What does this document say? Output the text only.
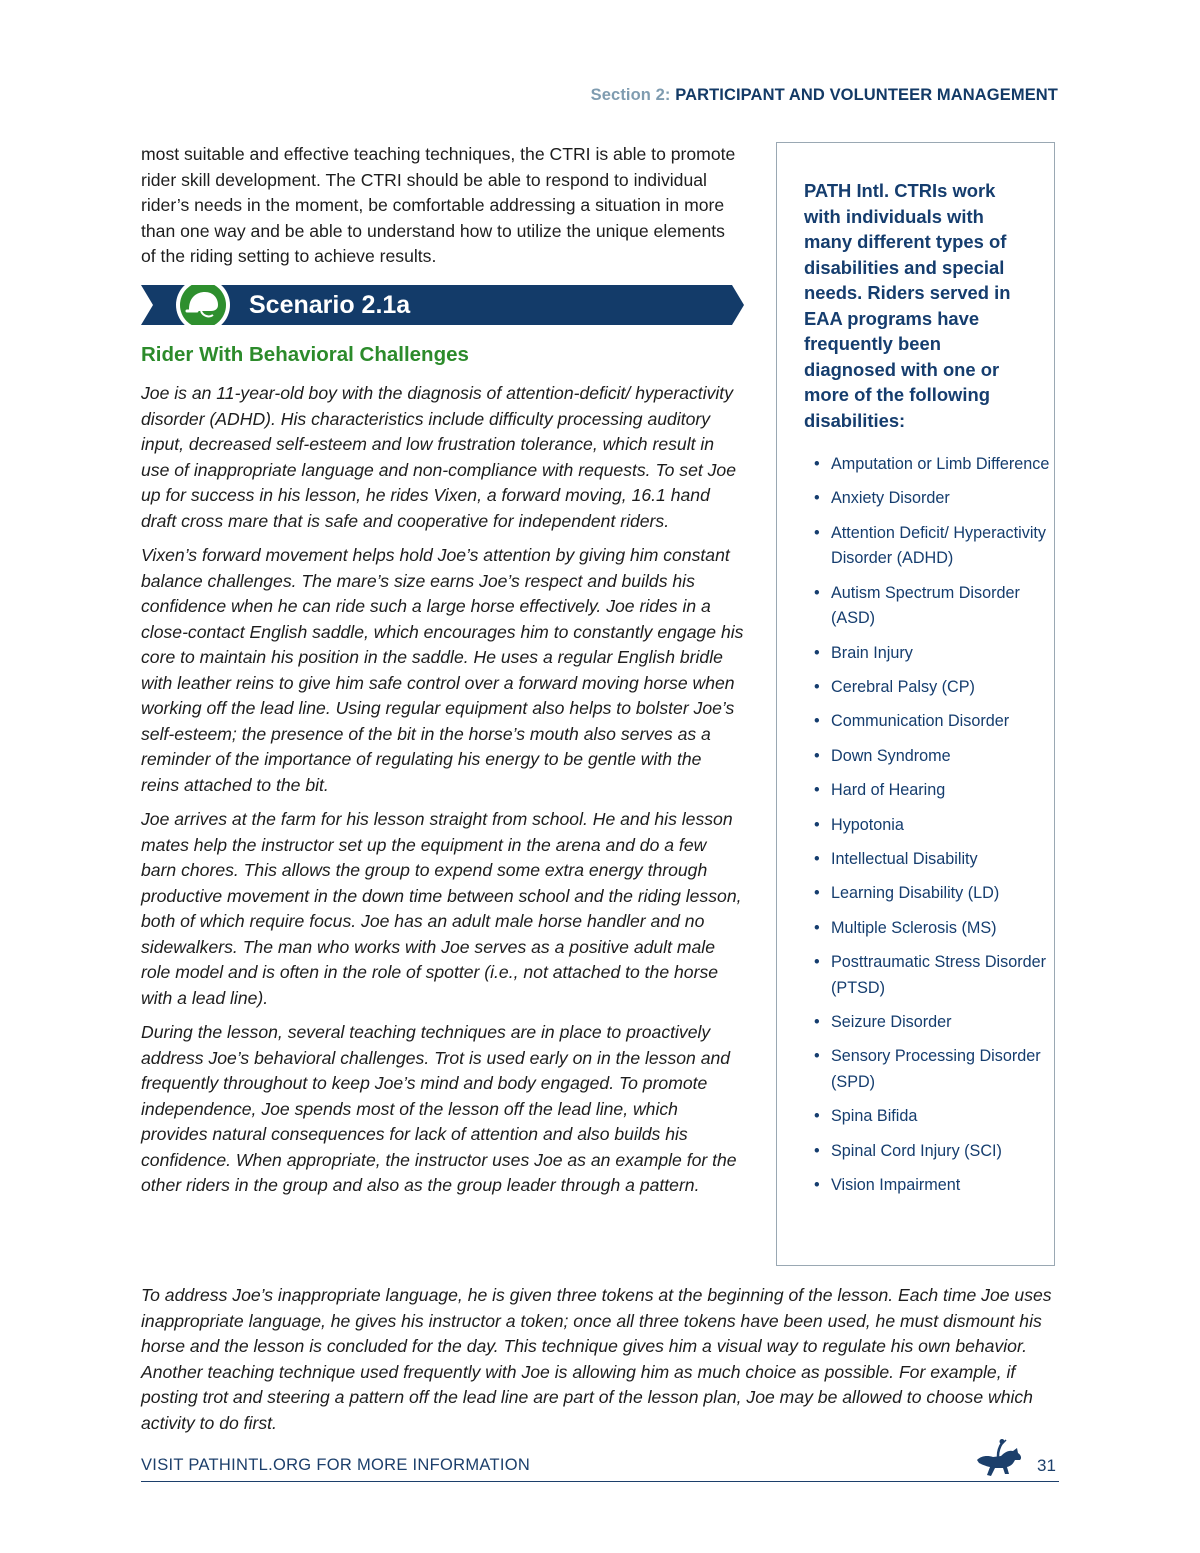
Section 2: PARTICIPANT AND VOLUNTEER MANAGEMENT

most suitable and effective teaching techniques, the CTRI is able to promote rider skill development. The CTRI should be able to respond to individual rider’s needs in the moment, be comfortable addressing a situation in more than one way and be able to understand how to utilize the unique elements of the riding setting to achieve results.

Scenario 2.1a
Rider With Behavioral Challenges

Joe is an 11-year-old boy with the diagnosis of attention-deficit/ hyperactivity disorder (ADHD). His characteristics include difficulty processing auditory input, decreased self-esteem and low frustration tolerance, which result in use of inappropriate language and non-compliance with requests. To set Joe up for success in his lesson, he rides Vixen, a forward moving, 16.1 hand draft cross mare that is safe and cooperative for independent riders.

Vixen’s forward movement helps hold Joe’s attention by giving him constant balance challenges. The mare’s size earns Joe’s respect and builds his confidence when he can ride such a large horse effectively. Joe rides in a close-contact English saddle, which encourages him to constantly engage his core to maintain his position in the saddle. He uses a regular English bridle with leather reins to give him safe control over a forward moving horse when working off the lead line. Using regular equipment also helps to bolster Joe’s self-esteem; the presence of the bit in the horse’s mouth also serves as a reminder of the importance of regulating his energy to be gentle with the reins attached to the bit.

Joe arrives at the farm for his lesson straight from school. He and his lesson mates help the instructor set up the equipment in the arena and do a few barn chores. This allows the group to expend some extra energy through productive movement in the down time between school and the riding lesson, both of which require focus. Joe has an adult male horse handler and no sidewalkers. The man who works with Joe serves as a positive adult male role model and is often in the role of spotter (i.e., not attached to the horse with a lead line).

During the lesson, several teaching techniques are in place to proactively address Joe’s behavioral challenges. Trot is used early on in the lesson and frequently throughout to keep Joe’s mind and body engaged. To promote independence, Joe spends most of the lesson off the lead line, which provides natural consequences for lack of attention and also builds his confidence. When appropriate, the instructor uses Joe as an example for the other riders in the group and also as the group leader through a pattern.

To address Joe’s inappropriate language, he is given three tokens at the beginning of the lesson. Each time Joe uses inappropriate language, he gives his instructor a token; once all three tokens have been used, he must dismount his horse and the lesson is concluded for the day. This technique gives him a visual way to regulate his own behavior. Another teaching technique used frequently with Joe is allowing him as much choice as possible. For example, if posting trot and steering a pattern off the lead line are part of the lesson plan, Joe may be allowed to choose which activity to do first.

PATH Intl. CTRIs work with individuals with many different types of disabilities and special needs. Riders served in EAA programs have frequently been diagnosed with one or more of the following disabilities:
• Amputation or Limb Difference
• Anxiety Disorder
• Attention Deficit/ Hyperactivity Disorder (ADHD)
• Autism Spectrum Disorder (ASD)
• Brain Injury
• Cerebral Palsy (CP)
• Communication Disorder
• Down Syndrome
• Hard of Hearing
• Hypotonia
• Intellectual Disability
• Learning Disability (LD)
• Multiple Sclerosis (MS)
• Posttraumatic Stress Disorder (PTSD)
• Seizure Disorder
• Sensory Processing Disorder (SPD)
• Spina Bifida
• Spinal Cord Injury (SCI)
• Vision Impairment
VISIT PATHINTL.ORG FOR MORE INFORMATION	31
